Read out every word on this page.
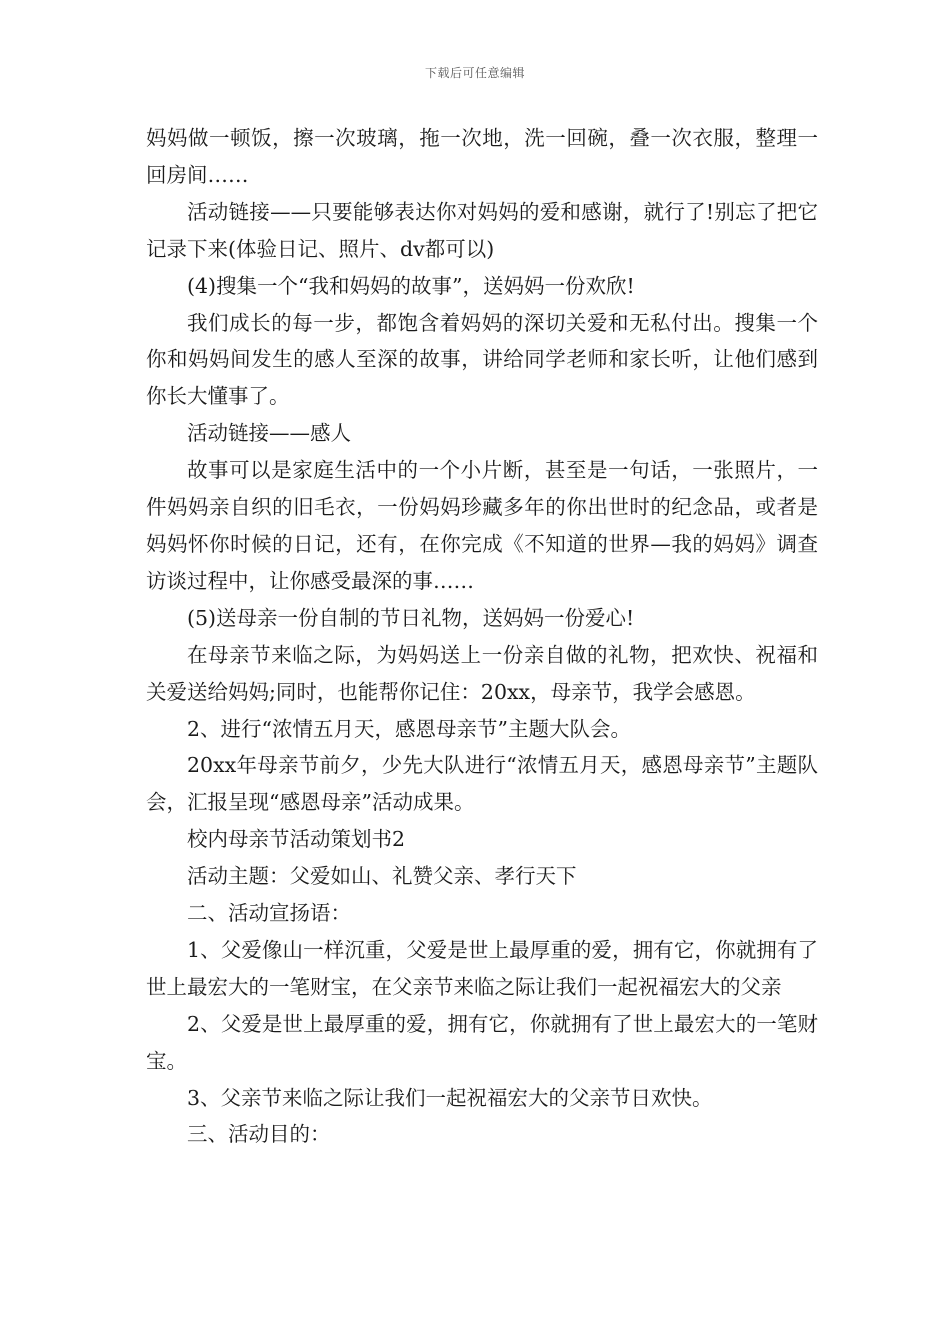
下载后可任意编辑

妈妈做一顿饭，擦一次玻璃，拖一次地，洗一回碗，叠一次衣服，整理一回房间……

活动链接——只要能够表达你对妈妈的爱和感谢，就行了!别忘了把它记录下来(体验日记、照片、dv都可以)

(4)搜集一个“我和妈妈的故事”，送妈妈一份欢欣!

我们成长的每一步，都饱含着妈妈的深切关爱和无私付出。搜集一个你和妈妈间发生的感人至深的故事，讲给同学老师和家长听，让他们感到你长大懂事了。

活动链接——感人

故事可以是家庭生活中的一个小片断，甚至是一句话，一张照片，一件妈妈亲自织的旧毛衣，一份妈妈珍藏多年的你出世时的纪念品，或者是妈妈怀你时候的日记，还有，在你完成《不知道的世界—我的妈妈》调查访谈过程中，让你感受最深的事……

(5)送母亲一份自制的节日礼物，送妈妈一份爱心!

在母亲节来临之际，为妈妈送上一份亲自做的礼物，把欢快、祝福和关爱送给妈妈;同时，也能帮你记住：20xx，母亲节，我学会感恩。

2、进行“浓情五月天，感恩母亲节”主题大队会。

20xx年母亲节前夕，少先大队进行“浓情五月天，感恩母亲节”主题队会，汇报呈现“感恩母亲”活动成果。

校内母亲节活动策划书2

活动主题：父爱如山、礼赞父亲、孝行天下

二、活动宣扬语：

1、父爱像山一样沉重，父爱是世上最厚重的爱，拥有它，你就拥有了世上最宏大的一笔财宝，在父亲节来临之际让我们一起祝福宏大的父亲

2、父爱是世上最厚重的爱，拥有它，你就拥有了世上最宏大的一笔财宝。

3、父亲节来临之际让我们一起祝福宏大的父亲节日欢快。

三、活动目的：
